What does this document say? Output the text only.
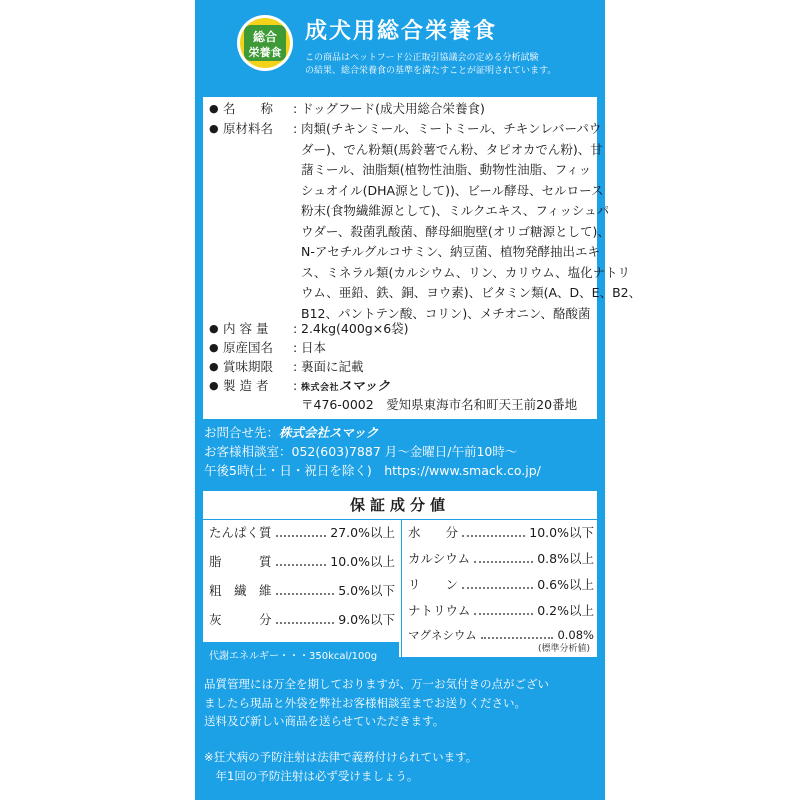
総合
栄養食
成犬用総合栄養食
この商品はペットフード公正取引協議会の定める分析試験
の結果、総合栄養食の基準を満たすことが証明されています。
● 名　　称	: ドッグフード(成犬用総合栄養食)
● 原材料名	: 肉類(チキンミール、ミートミール、チキンレバーパウ
ダー)、でん粉類(馬鈴薯でん粉、タピオカでん粉)、甘
藷ミール、油脂類(植物性油脂、動物性油脂、フィッ
シュオイル(DHA源として))、ビール酵母、セルロース
粉末(食物繊維源として)、ミルクエキス、フィッシュパ
ウダー、殺菌乳酸菌、酵母細胞壁(オリゴ糖源として)、
N-アセチルグルコサミン、納豆菌、植物発酵抽出エキ
ス、ミネラル類(カルシウム、リン、カリウム、塩化ナトリ
ウム、亜鉛、鉄、銅、ヨウ素)、ビタミン類(A、D、E、B2、
B12、パントテン酸、コリン)、メチオニン、酪酸菌
● 内 容 量	: 2.4kg(400g×6袋)
● 原産国名	: 日本
● 賞味期限	: 裏面に記載
● 製 造 者	: 株式会社スマック
〒476-0002　愛知県東海市名和町天王前20番地
お問合せ先：株式会社スマック
お客様相談室：052(603)7887 月～金曜日/午前10時～
午後5時(土・日・祝日を除く)　https://www.smack.co.jp/
保証成分値
たんぱく質	27.0%以上
脂　　　質	10.0%以上
粗　繊　維	5.0%以下
灰　　　分	9.0%以下
代謝エネルギー・・・350kcal/100g
水　　分	10.0%以下
カルシウム	0.8%以上
リ　　ン	0.6%以上
ナトリウム	0.2%以上
マグネシウム	0.08%
(標準分析値)
品質管理には万全を期しておりますが、万一お気付きの点がござい
ましたら現品と外袋を弊社お客様相談室までお送りください。
送料及び新しい商品を送らせていただきます。
※狂犬病の予防注射は法律で義務付けられています。
　年1回の予防注射は必ず受けましょう。
